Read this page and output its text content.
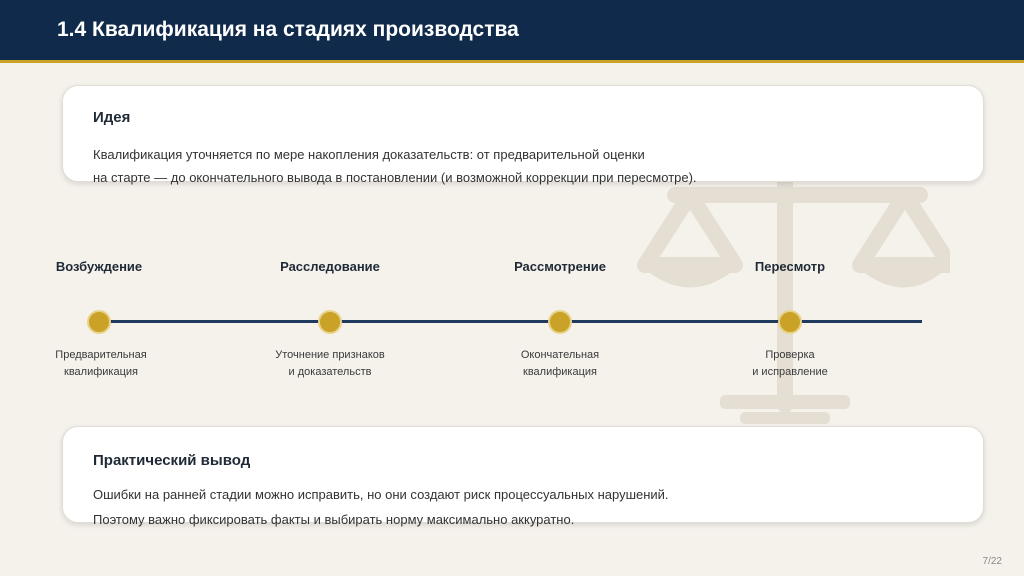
1.4 Квалификация на стадиях производства
Идея
Квалификация уточняется по мере накопления доказательств: от предварительной оценки
на старте — до окончательного вывода в постановлении (и возможной коррекции при пересмотре).
Возбуждение
Предварительная
квалификация
Расследование
Уточнение признаков
и доказательств
Рассмотрение
Окончательная
квалификация
Пересмотр
Проверка
и исправление
Практический вывод
Ошибки на ранней стадии можно исправить, но они создают риск процессуальных нарушений.
Поэтому важно фиксировать факты и выбирать норму максимально аккуратно.
7/22
